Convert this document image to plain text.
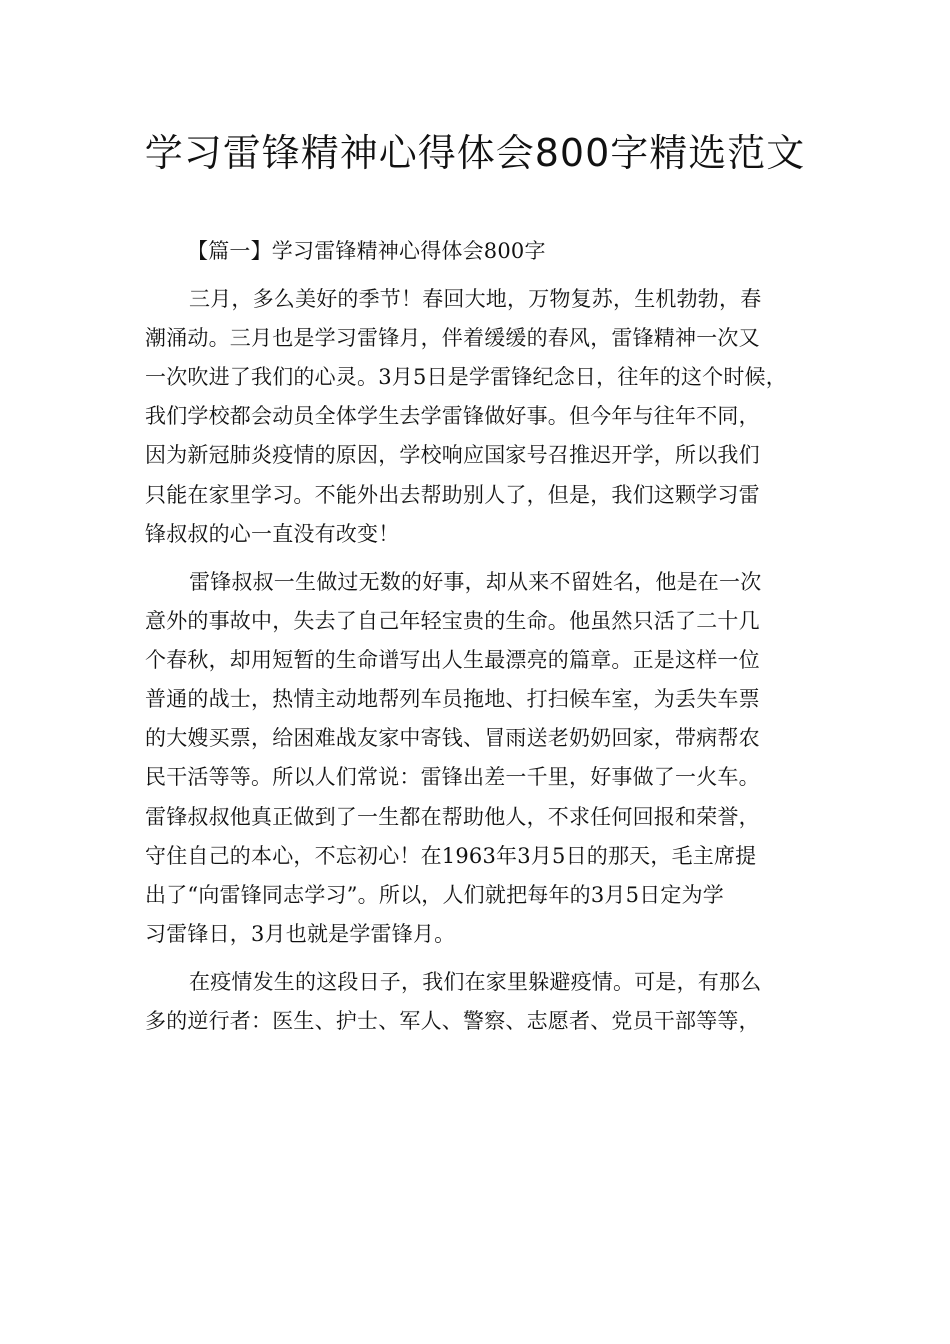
学习雷锋精神心得体会800字精选范文
【篇一】学习雷锋精神心得体会800字
三月，多么美好的季节！春回大地，万物复苏，生机勃勃，春
潮涌动。三月也是学习雷锋月，伴着缓缓的春风，雷锋精神一次又
一次吹进了我们的心灵。3月5日是学雷锋纪念日，往年的这个时候，
我们学校都会动员全体学生去学雷锋做好事。但今年与往年不同，
因为新冠肺炎疫情的原因，学校响应国家号召推迟开学，所以我们
只能在家里学习。不能外出去帮助别人了，但是，我们这颗学习雷
锋叔叔的心一直没有改变！
雷锋叔叔一生做过无数的好事，却从来不留姓名，他是在一次
意外的事故中，失去了自己年轻宝贵的生命。他虽然只活了二十几
个春秋，却用短暂的生命谱写出人生最漂亮的篇章。正是这样一位
普通的战士，热情主动地帮列车员拖地、打扫候车室，为丢失车票
的大嫂买票，给困难战友家中寄钱、冒雨送老奶奶回家，带病帮农
民干活等等。所以人们常说：雷锋出差一千里，好事做了一火车。
雷锋叔叔他真正做到了一生都在帮助他人，不求任何回报和荣誉，
守住自己的本心，不忘初心！在1963年3月5日的那天，毛主席提
出了“向雷锋同志学习”。所以，人们就把每年的3月5日定为学
习雷锋日，3月也就是学雷锋月。
在疫情发生的这段日子，我们在家里躲避疫情。可是，有那么
多的逆行者：医生、护士、军人、警察、志愿者、党员干部等等，
